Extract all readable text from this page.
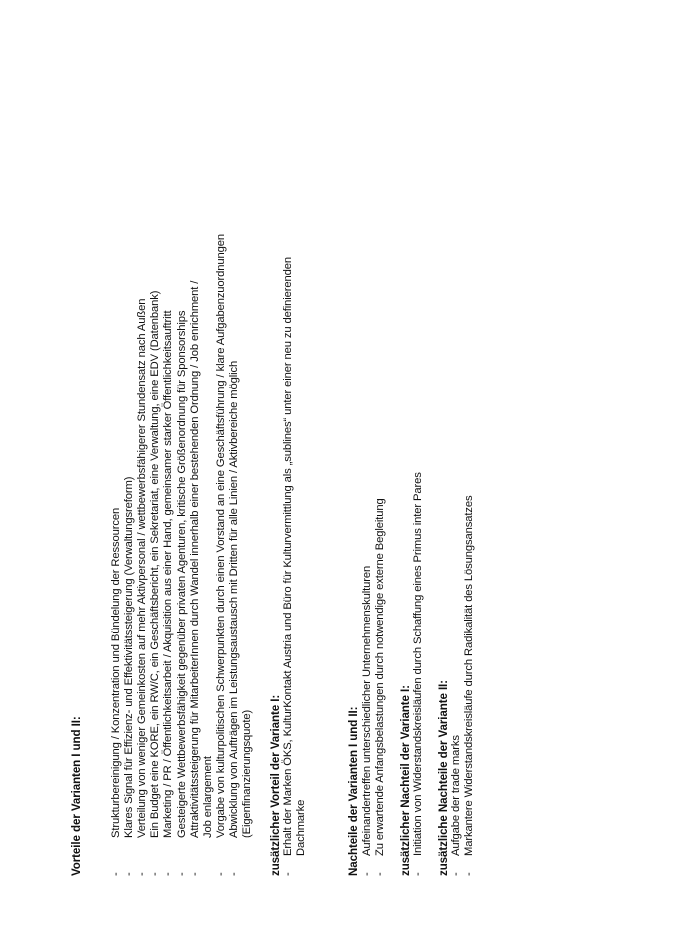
Vorteile der Varianten I und II: -
Strukturbereinigung / Konzentration und Bündelung der Ressourcen
-
Klares Signal für Effizienz- und Effektivitätssteigerung (Verwaltungsreform)
-
Verteilung von weniger Gemeinkosten auf mehr Aktivpersonal / wettbewerbsfähigerer Stundensatz nach Außen
-
Ein Budget eine KORE, ein RW/C, ein Geschäftsbericht, ein Sekretariat, eine Verwaltung, eine EDV (Datenbank)
-
Marketing / PR / Öffentlichkeitsarbeit / Akquisition aus einer Hand, gemeinsamer starker Öffentlichkeitsauftritt
-
Gesteigerte Wettbewerbsfähigkeit gegenüber privaten Agenturen, kritische Größenordnung für Sponsorships
-
Attraktivitätssteigerung für MitarbeiterInnen durch Wandel innerhalb einer bestehenden Ordnung / Job enrichment / Job enlargement
-
Vorgabe von kulturpolitischen Schwerpunkten durch einen Vorstand an eine Geschäftsführung / klare Aufgabenzuordnungen
-
Abwicklung von Aufträgen im Leistungsaustausch mit Dritten für alle Linien / Aktivbereiche möglich (Eigenfinanzierungsquote) zusätzlicher Vorteil der Variante I: -
Erhalt der Marken ÖKS, KulturKontakt Austria und Büro für Kulturvermittlung als „sublines“ unter einer neu zu definierenden Dachmarke	Nachteile der Varianten I und II: -
Aufeinandertreffen unterschiedlicher Unternehmenskulturen
-
Zu erwartende Anfangsbelastungen durch notwendige externe Begleitung zusätzlicher Nachteil der Variante I: -
Initiation von Widerstandskreisläufen durch Schaffung eines Primus inter Pares zusätzliche Nachteile der Variante II: -
Aufgabe der trade marks
-
Markantere Widerstandskreisläufe durch Radikalität des Lösungsansatzes
